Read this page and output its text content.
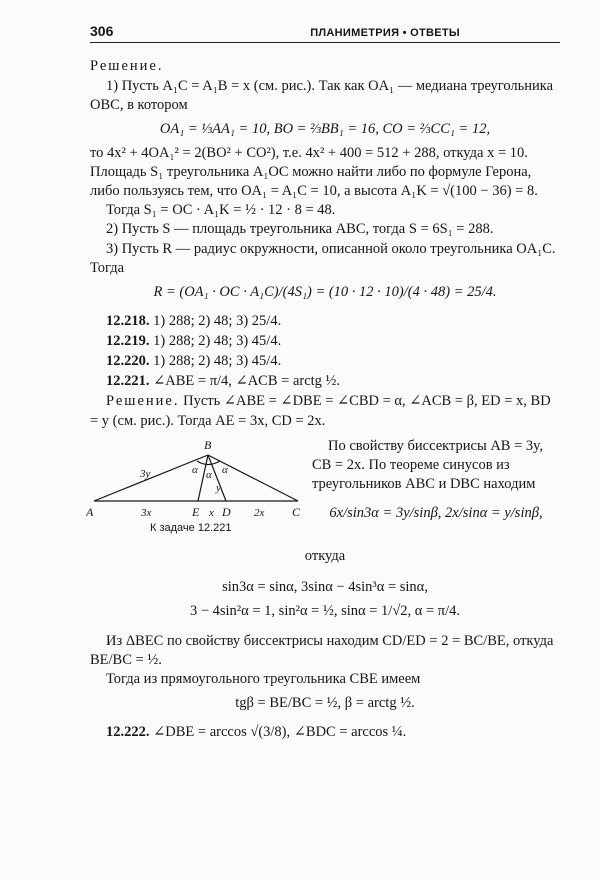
306	ПЛАНИМЕТРИЯ • ОТВЕТЫ

Решение.

1) Пусть A₁C = A₁B = x (см. рис.). Так как OA₁ — медиана треугольника OBC, в котором

OA₁ = ⅓AA₁ = 10, BO = ⅔BB₁ = 16, CO = ⅔CC₁ = 12,

то 4x² + 4OA₁² = 2(BO² + CO²), т.е. 4x² + 400 = 512 + 288, откуда x = 10. Площадь S₁ треугольника A₁OC можно найти либо по формуле Герона, либо пользуясь тем, что OA₁ = A₁C = 10, а высота A₁K = √(100 − 36) = 8.

Тогда S₁ = OC · A₁K = ½ · 12 · 8 = 48.

2) Пусть S — площадь треугольника ABC, тогда S = 6S₁ = 288.

3) Пусть R — радиус окружности, описанной около треугольника OA₁C. Тогда

R = (OA₁ · OC · A₁C)/(4S₁) = (10 · 12 · 10)/(4 · 48) = 25/4.

12.218. 1) 288; 2) 48; 3) 25/4.

12.219. 1) 288; 2) 48; 3) 45/4.

12.220. 1) 288; 2) 48; 3) 45/4.

12.221. ∠ABE = π/4, ∠ACB = arctg ½.

Решение. Пусть ∠ABE = ∠DBE = ∠CBD = α, ∠ACB = β, ED = x, BD = y (см. рис.). Тогда AE = 3x, CD = 2x.

B
A	C
E D
3y
3x	x	2x
y
α α α
К задаче 12.221

По свойству биссектрисы AB = 3y, CB = 2x. По теореме синусов из треугольников ABC и DBC находим

6x/sin3α = 3y/sinβ, 2x/sinα = y/sinβ,

откуда

sin3α = sinα, 3sinα − 4sin³α = sinα,

3 − 4sin²α = 1, sin²α = ½, sinα = 1/√2, α = π/4.

Из ΔBEC по свойству биссектрисы находим CD/ED = 2 = BC/BE, откуда BE/BC = ½.

Тогда из прямоугольного треугольника CBE имеем

tgβ = BE/BC = ½, β = arctg ½.

12.222. ∠DBE = arccos √(3/8), ∠BDC = arccos ¼.
